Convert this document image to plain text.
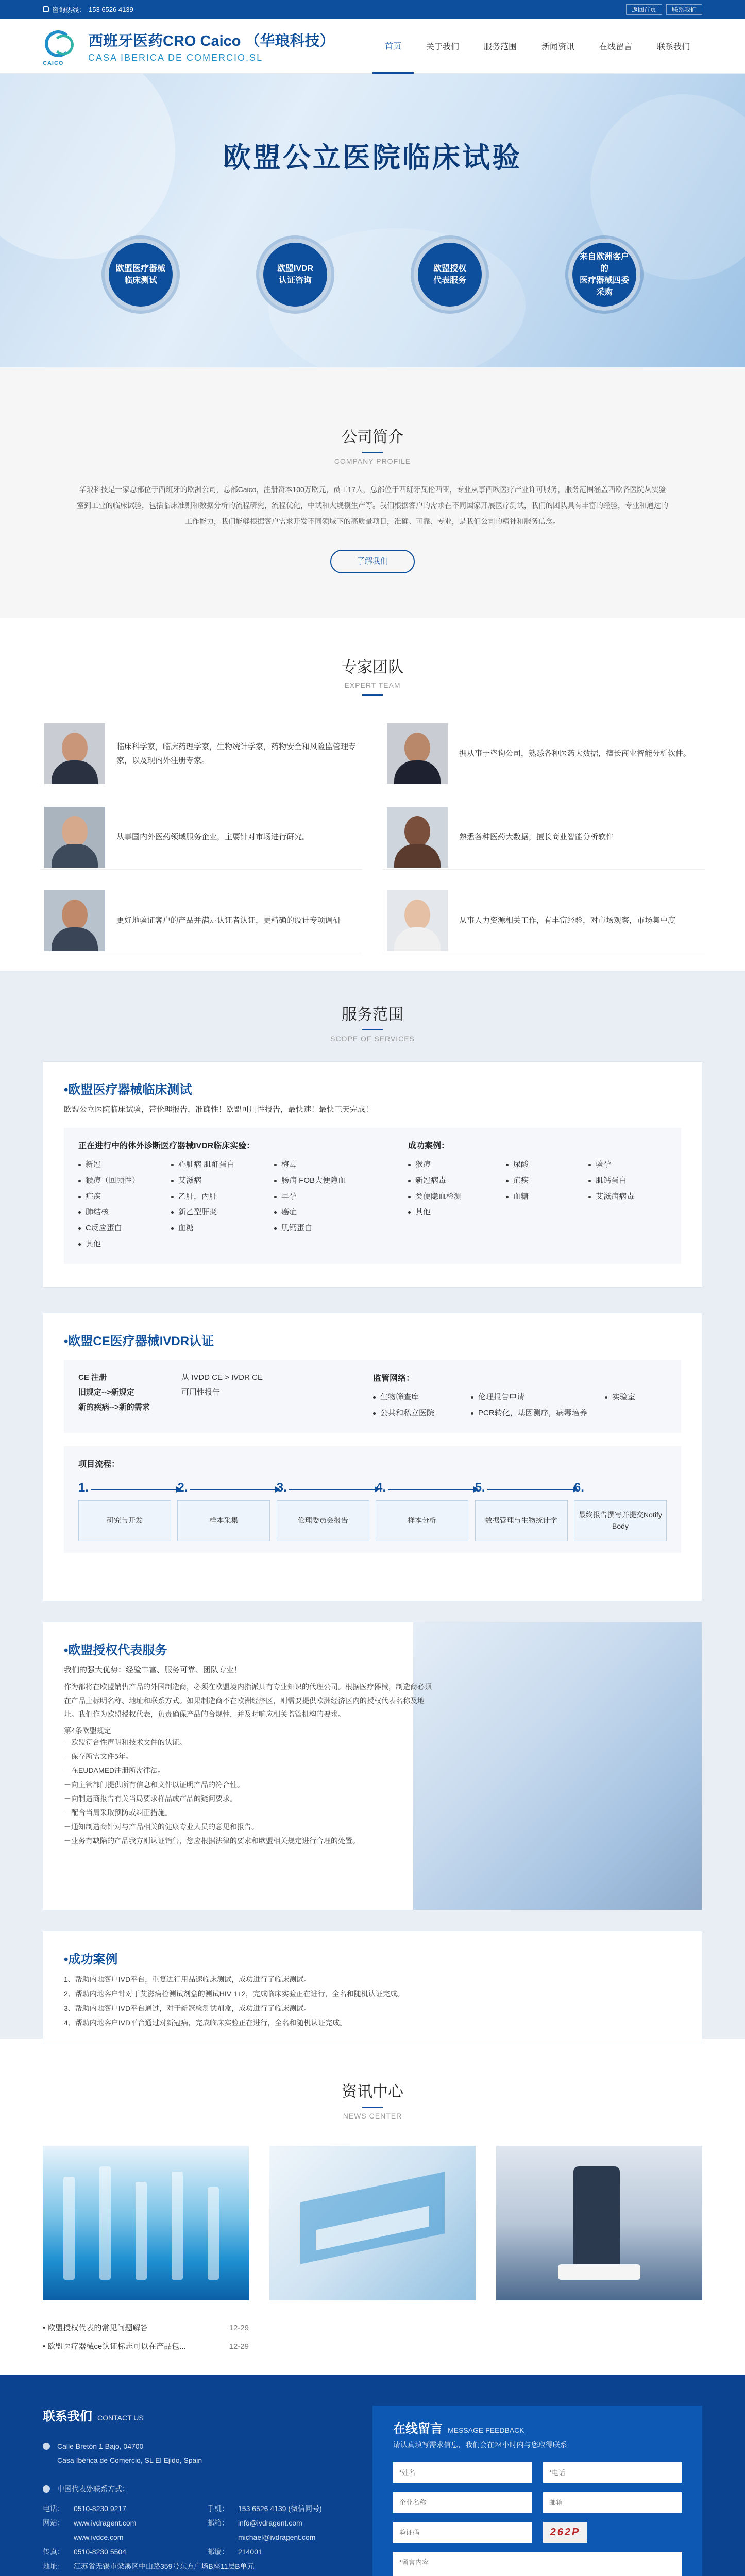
咨询热线： 153 6526 4139	返回首页	联系我们
CAICO
西班牙医药CRO Caico （华琅科技）
CASA IBERICA DE COMERCIO,SL
首页	关于我们	服务范围	新闻资讯	在线留言	联系我们
欧盟公立医院临床试验
欧盟医疗器械
临床测试
欧盟IVDR
认证咨询
欧盟授权
代表服务
来自欧洲客户的
医疗器械四委采购
公司简介
COMPANY PROFILE

华琅科技是一家总部位于西班牙的欧洲公司，总部Caico，注册资本100万欧元，员工17人，总部位于西班牙瓦伦西亚，专业从事西欧医疗产业许可服务，服务范围涵盖西欧各医院从实验室到工业的临床试验，包括临床准则和数据分析的流程研究，流程优化，中试和大规模生产等。我们根据客户的需求在不同国家开展医疗测试，我们的团队具有丰富的经验，专业和通过的工作能力，我们能够根据客户需求开发不同领域下的高质量项目，准确、可靠、专业，是我们公司的精神和服务信念。

了解我们
专家团队
EXPERT TEAM

临床科学家，临床药理学家，生物统计学家，药物安全和风险监管理专家，以及现内外注册专家。

拥从事于咨询公司，熟悉各种医药大数据，擅长商业智能分析软件。

从事国内外医药领域服务企业，主要针对市场进行研究。	熟悉各种医药大数据，擅长商业智能分析软件

更好地验证客户的产品并满足认证者认证，更精确的设计专项调研	从事人力资源相关工作，有丰富经验，对市场观察，市场集中度

服务范围
SCOPE OF SERVICES
•欧盟医疗器械临床测试
欧盟公立医院临床试验，带伦理报告，准确性！欧盟可用性报告，最快速！最快三天完成！
正在进行中的体外诊断医疗器械IVDR临床实验：
新冠
猴痘（回顾性）
疟疾
肺结核
C反应蛋白
其他
心脏病 肌酐蛋白
艾滋病
乙肝，丙肝
新乙型肝炎
血糖
梅毒
肠病 FOB大便隐血
早孕
癌症
肌钙蛋白
成功案例：
猴痘
新冠病毒
类便隐血检测
其他
尿酸
疟疾
血糖
验孕
肌钙蛋白
艾滋病病毒
•欧盟CE医疗器械IVDR认证
CE 注册	从 IVDD CE > IVDR CE
旧规定-->新规定	可用性报告
新的疾病-->新的需求
监管网络：
生物筛查库
公共和私立医院
伦理报告申请
PCR转化，基因测序，病毒培养
实验室
项目流程：
1.
研究与开发
2.
样本采集
3.
伦理委员会报告
4.
样本分析
5.
数据管理与生物统计学
6.
最终报告撰写并提交Notify Body
•欧盟授权代表服务
我们的强大优势：经验丰富、服务可靠、团队专业！
作为都将在欧盟销售产品的外国制造商，必须在欧盟境内指派具有专业知识的代理公司。根据医疗器械，制造商必须在产品上标明名称、地址和联系方式。如果制造商不在欧洲经济区，则需要提供欧洲经济区内的授权代表名称及地址。我们作为欧盟授权代表，负责确保产品的合规性，并及时响应相关监管机构的要求。
第4条欧盟规定
－欧盟符合性声明和技术文件的认证。
－保存所需文件5年。
－在EUDAMED注册所需律法。
－向主管部门提供所有信息和文件以证明产品的符合性。
－向制造商报告有关当局要求样品或产品的疑问要求。
－配合当局采取预防或纠正措施。
－通知制造商针对与产品相关的健康专业人员的意见和报告。
－业务有缺陷的产品我方则认证销售，您应根据法律的要求和欧盟相关规定进行合理的处置。
•成功案例
1、帮助内地客户IVD平台，重复进行用品速临床测试，成功进行了临床测试。
2、帮助内地客户针对于艾滋病检测试剂盒的测试HIV 1+2，完成临床实验正在进行，全名和随机认证完成。
3、帮助内地客户IVD平台通过，对于新冠检测试剂盒，成功进行了临床测试。
4、帮助内地客户IVD平台通过对新冠病，完成临床实验正在进行，全名和随机认证完成。
资讯中心
NEWS CENTER
• 欧盟授权代表的常见问题解答	12-29
• 欧盟医疗器械ce认证标志可以在产品包...	12-29
联系我们 CONTACT US
Calle Bretón 1 Bajo, 04700
Casa Ibérica de Comercio, SL El Ejido, Spain
中国代表处联系方式：
电话： 0510-8230 9217	手机： 153 6526 4139 (微信同号)
网站： www.ivdragent.com
www.ivdce.com
邮箱： info@ivdragent.com
michael@ivdragent.com
传真： 0510-8230 5504	邮编： 214001
地址： 江苏省无锡市梁溪区中山路359号东方广场B座11层B单元
在线留言 MESSAGE FEEDBACK
请认真填写需求信息，我们会在24小时内与您取得联系
*姓名
*电话
企业名称
邮箱
验证码
262P
*留言内容
